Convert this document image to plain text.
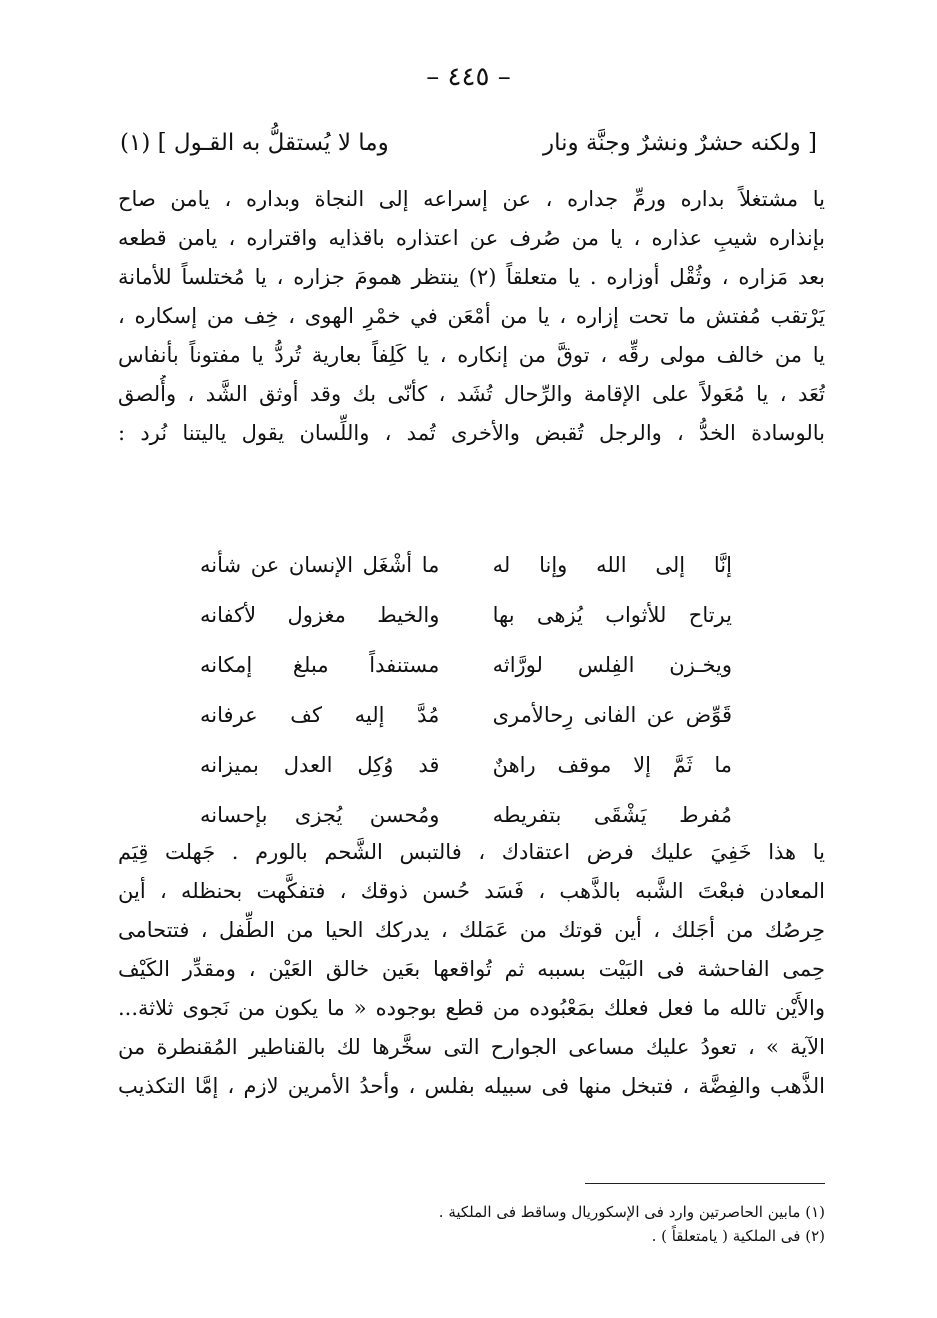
– ٤٤٥ –
[ ولكنه حشرٌ ونشرٌ وجنَّة ونار
وما لا يُستقلُّ به القـول ] (١)
يا مشتغلاً بداره ورمِّ جداره ، عن إسراعه إلى النجاة وبداره ، يامن صاح
بإنذاره شيبِ عذاره ، يا من صُرف عن اعتذاره باقذايه واقتراره ، يامن قطعه
بعد مَزاره ، وثُقْل أوزاره . يا متعلقاً (٢) ينتظر همومَ جزاره ، يا مُختلساً للأمانة
يَرْتقب مُفتش ما تحت إزاره ، يا من أمْعَن في خمْرِ الهوى ، خِف من إسكاره ،
يا من خالف مولى رقِّه ، توقَّ من إنكاره ، يا كَلِفاً بعارية تُردُّ يا مفتوناً بأنفاس
تُعَد ، يا مُعَولاً على الإقامة والرِّحال تُشَد ، كأنّى بك وقد أوثق الشَّد ، وأُلصق
بالوسادة الخدُّ ، والرجل تُقبض والأخرى تُمد ، واللِّسان يقول ياليتنا نُرد :
إنَّا إلى الله وإنا له
ما أشْغَل الإنسان عن شأنه
يرتاح للأثواب يُزهى بها
والخيط مغزول لأكفانه
ويخـزن الفِلس لورَّاثه
مستنفداً مبلغ إمكانه
قَوِّض عن الفانى رِحالأمرى
مُدَّ إليه كف عرفانه
ما ثَمَّ إلا موقف راهنٌ
قد وُكِل العدل بميزانه
مُفرط يَشْقَى بتفريطه
ومُحسن يُجزى بإحسانه
يا هذا خَفِيَ عليك فرض اعتقادك ، فالتبس الشَّحم بالورم . جَهلت قِيَم
المعادن فبعْتَ الشَّبه بالذَّهب ، فَسَد حُسن ذوقك ، فتفكَّهت بحنظله ، أين
حِرصُك من أجَلك ، أين قوتك من عَمَلك ، يدركك الحيا من الطِّفل ، فتتحامى
حِمى الفاحشة فى البَيْت بسببه ثم تُواقعها بعَين خالق العَيْن ، ومقدِّر الكَيْف
والأَيْن تالله ما فعل فعلك بمَعْبُوده من قطع بوجوده « ما يكون من نَجوى ثلاثة...
الآية » ، تعودُ عليك مساعى الجوارح التى سخَّرها لك بالقناطير المُقنطرة من
الذَّهب والفِضَّة ، فتبخل منها فى سبيله بفلس ، وأحدُ الأمرين لازم ، إمَّا التكذيب
(١) مابين الحاصرتين وارد فى الإسكوريال وساقط فى الملكية .
(٢) فى الملكية ( يامتعلقاً ) .
